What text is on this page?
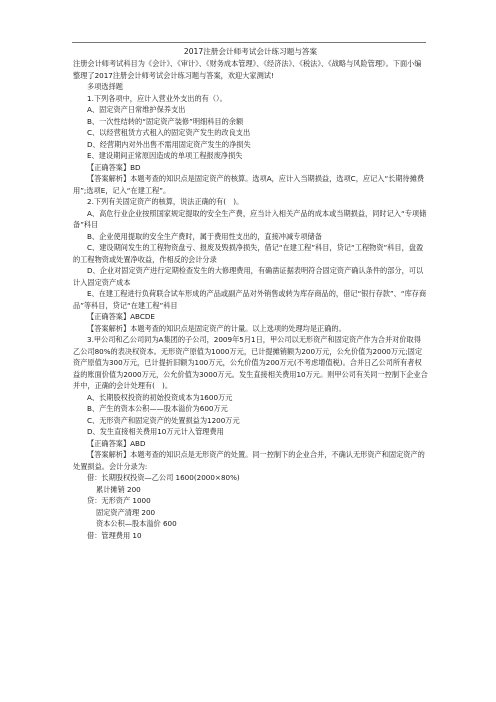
2017注册会计师考试会计练习题与答案

注册会计师考试科目为《会计》、《审计》、《财务成本管理》、《经济法》、《税法》、《战略与风险管理》。下面小编整理了2017注册会计师考试会计练习题与答案，欢迎大家测试!

多项选择题

1.下列各项中，应计入营业外支出的有（）。

A、固定资产日常维护保养支出

B、一次性结转的“固定资产装修”明细科目的余额

C、以经营租赁方式租入的固定资产发生的改良支出

D、经营期内对外出售不需用固定资产发生的净损失

E、建设期间正常原因造成的单项工程报废净损失

【正确答案】BD

【答案解析】本题考查的知识点是固定资产的核算。选项A，应计入当期损益，选项C，应记入“长期待摊费用”;选项E，记入“在建工程”。

2.下列有关固定资产的核算，说法正确的有(　)。

A、高危行业企业按照国家规定提取的安全生产费，应当计入相关产品的成本或当期损益，同时记入“专项储备”科目

B、企业使用提取的安全生产费时，属于费用性支出的，直接冲减专项储备

C、建设期间发生的工程物资盘亏、报废及毁损净损失，借记“在建工程”科目，贷记“工程物资”科目，盘盈的工程物资或处置净收益，作相反的会计分录

D、企业对固定资产进行定期检查发生的大修理费用，有确凿证据表明符合固定资产确认条件的部分，可以计入固定资产成本

E、在建工程进行负荷联合试车形成的产品或副产品对外销售或转为库存商品的，借记“银行存款”、“库存商品”等科目，贷记“在建工程”科目

【正确答案】ABCDE

【答案解析】本题考查的知识点是固定资产的计量。以上选项的处理均是正确的。

3.甲公司和乙公司同为A集团的子公司，2009年5月1日，甲公司以无形资产和固定资产作为合并对价取得乙公司80%的表决权资本。无形资产原值为1000万元，已计提摊销额为200万元，公允价值为2000万元;固定资产原值为300万元，已计提折旧额为100万元，公允价值为200万元(不考虑增值税)。合并日乙公司所有者权益的账面价值为2000万元，公允价值为3000万元。发生直接相关费用10万元。则甲公司有关同一控制下企业合并中，正确的会计处理有(　)。

A、长期股权投资的初始投资成本为1600万元

B、产生的资本公积——股本溢价为600万元

C、无形资产和固定资产的处置损益为1200万元

D、发生直接相关费用10万元计入管理费用

【正确答案】ABD

【答案解析】本题考查的知识点是无形资产的处置。同一控制下的企业合并，不确认无形资产和固定资产的处置损益。会计分录为:

借：长期股权投资—乙公司 1600(2000×80%)

累计摊销 200

贷：无形资产 1000

固定资产清理 200

资本公积—股本溢价 600

借：管理费用 10
